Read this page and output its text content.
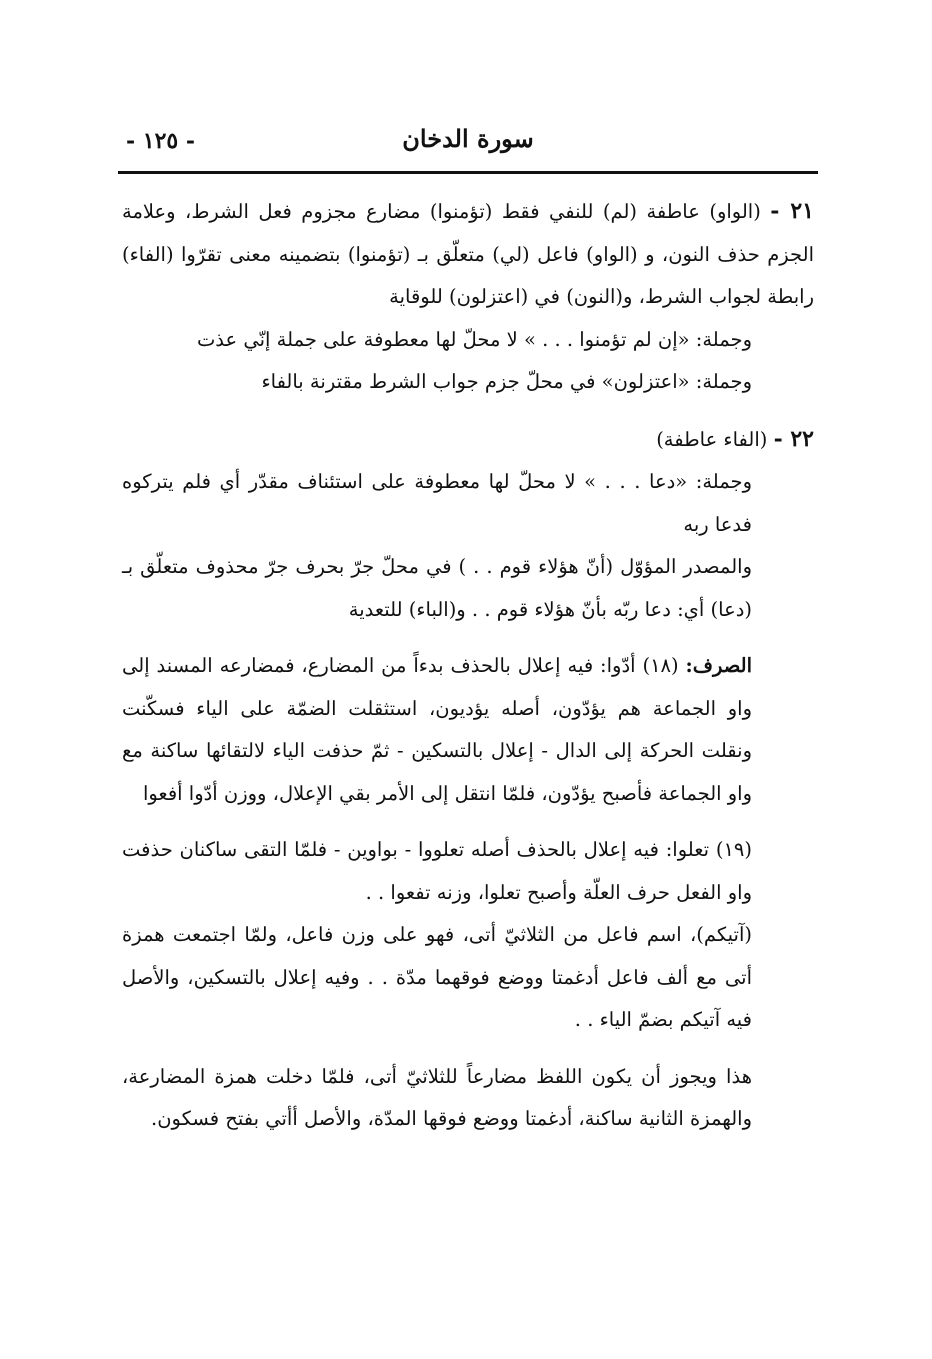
سورة الدخان
- ١٢٥ -

٢١ - (الواو) عاطفة (لم) للنفي فقط (تؤمنوا) مضارع مجزوم فعل الشرط، وعلامة الجزم حذف النون، و (الواو) فاعل (لي) متعلّق بـ (تؤمنوا) بتضمينه معنى تقرّوا (الفاء) رابطة لجواب الشرط، و(النون) في (اعتزلون) للوقاية

وجملة: «إن لم تؤمنوا . . . » لا محلّ لها معطوفة على جملة إنّي عذت

وجملة: «اعتزلون» في محلّ جزم جواب الشرط مقترنة بالفاء

٢٢ - (الفاء عاطفة)

وجملة: «دعا . . . » لا محلّ لها معطوفة على استئناف مقدّر أي فلم يتركوه فدعا ربه

والمصدر المؤوّل (أنّ هؤلاء قوم . . ) في محلّ جرّ بحرف جرّ محذوف متعلّق بـ (دعا) أي: دعا ربّه بأنّ هؤلاء قوم . . و(الباء) للتعدية

الصرف: (١٨) أدّوا: فيه إعلال بالحذف بدءاً من المضارع، فمضارعه المسند إلى واو الجماعة هم يؤدّون، أصله يؤديون، استثقلت الضمّة على الياء فسكّنت ونقلت الحركة إلى الدال - إعلال بالتسكين - ثمّ حذفت الياء لالتقائها ساكنة مع واو الجماعة فأصبح يؤدّون، فلمّا انتقل إلى الأمر بقي الإعلال، ووزن أدّوا أفعوا

(١٩) تعلوا: فيه إعلال بالحذف أصله تعلووا - بواوين - فلمّا التقى ساكنان حذفت واو الفعل حرف العلّة وأصبح تعلوا، وزنه تفعوا . .

(آتيكم)، اسم فاعل من الثلاثيّ أتى، فهو على وزن فاعل، ولمّا اجتمعت همزة أتى مع ألف فاعل أدغمتا ووضع فوقهما مدّة . . وفيه إعلال بالتسكين، والأصل فيه آتيكم بضمّ الياء . .

هذا ويجوز أن يكون اللفظ مضارعاً للثلاثيّ أتى، فلمّا دخلت همزة المضارعة، والهمزة الثانية ساكنة، أدغمتا ووضع فوقها المدّة، والأصل أأتي بفتح فسكون.
